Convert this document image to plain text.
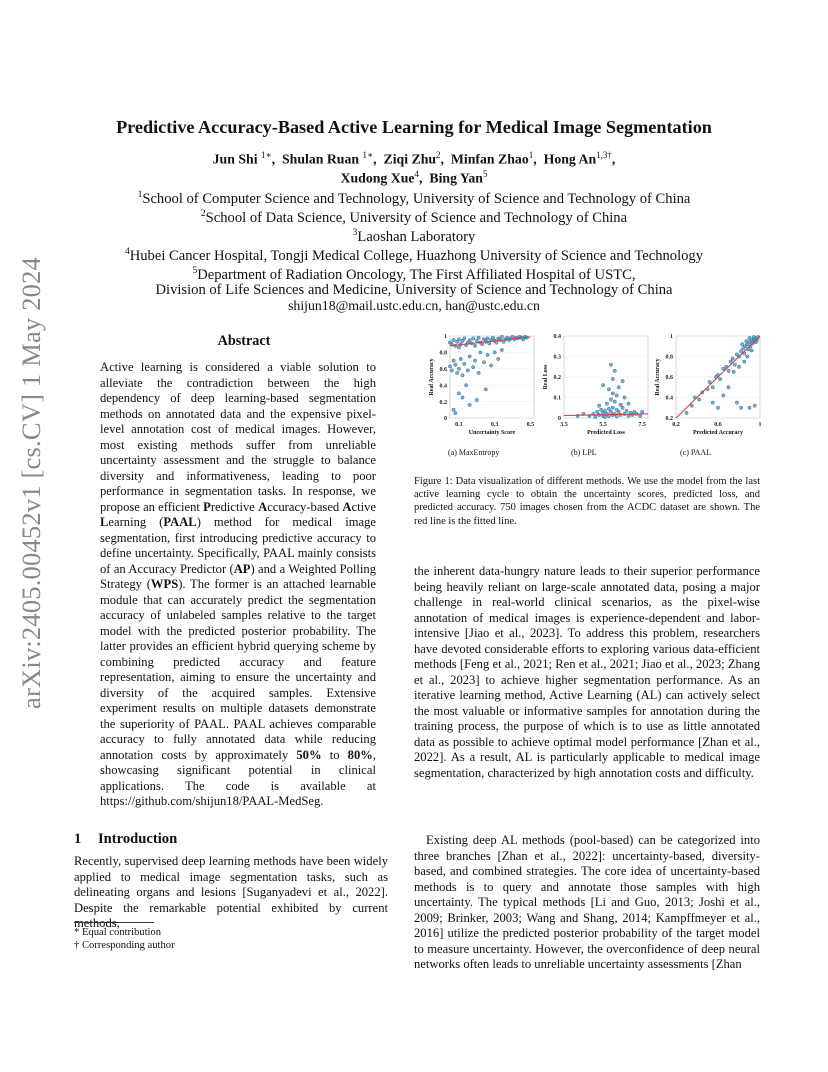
arXiv:2405.00452v1 [cs.CV] 1 May 2024
Predictive Accuracy-Based Active Learning for Medical Image Segmentation
Jun Shi $^{1∗}$,  Shulan Ruan $^{1∗}$,  Ziqi Zhu$^2$,  Minfan Zhao$^1$,  Hong $An^{1,3\dagger}$,
Xudong Xue$^4$,  Bing Yan$^5$
$^1$School of Computer Science and Technology, University of Science and Technology of China
$^2$School of Data Science, University of Science and Technology of China
$^3$Laoshan Laboratory
$^4$Hubei Cancer Hospital, Tongji Medical College, Huazhong University of Science and Technology
$^5$Department of Radiation Oncology, The First Affiliated Hospital of USTC,
Division of Life Sciences and Medicine, University of Science and Technology of China
shijun18@mail.ustc.edu.cn, han@ustc.edu.cn
Abstract

Active learning is considered a viable solution to alleviate the contradiction between the high dependency of deep learning-based segmentation methods on annotated data and the expensive pixel-level annotation cost of medical images. However, most existing methods suffer from unreliable uncertainty assessment and the struggle to balance diversity and informativeness, leading to poor performance in segmentation tasks. In response, we propose an efficient Predictive Accuracy-based Active Learning (PAAL) method for medical image segmentation, first introducing predictive accuracy to define uncertainty. Specifically, PAAL mainly consists of an Accuracy Predictor (AP) and a Weighted Polling Strategy (WPS). The former is an attached learnable module that can accurately predict the segmentation accuracy of unlabeled samples relative to the target model with the predicted posterior probability. The latter provides an efficient hybrid querying scheme by combining predicted accuracy and feature representation, aiming to ensure the uncertainty and diversity of the acquired samples. Extensive experiment results on multiple datasets demonstrate the superiority of PAAL. PAAL achieves comparable accuracy to fully annotated data while reducing annotation costs by approximately 50% to 80%, showcasing significant potential in clinical applications. The code is available at https://github.com/shijun18/PAAL-MedSeg.

1 Introduction

Recently, supervised deep learning methods have been widely applied to medical image segmentation tasks, such as delineating organs and lesions [Suganyadevi et al., 2022]. Despite the remarkable potential exhibited by current methods,

* Equal contribution
† Corresponding author
0
0.2
0.4
0.6
0.8
1
0.1	0.3	0.5
Uncertainty Score
Real Accuracy
0
0.1
0.2
0.3
0.4
3.5	5.5	7.5
Predicted Loss
Real Loss
0.2
0.4
0.6
0.8
1
0.2	0.6	1
Predicted Accuracy
Real Accuracy
(a) MaxEntropy	(b) LPL	(c) PAAL

Figure 1: Data visualization of different methods. We use the model from the last active learning cycle to obtain the uncertainty scores, predicted loss, and predicted accuracy. 750 images chosen from the ACDC dataset are shown. The red line is the fitted line.

the inherent data-hungry nature leads to their superior performance being heavily reliant on large-scale annotated data, posing a major challenge in real-world clinical scenarios, as the pixel-wise annotation of medical images is experience-dependent and labor-intensive [Jiao et al., 2023]. To address this problem, researchers have devoted considerable efforts to exploring various data-efficient methods [Feng et al., 2021; Ren et al., 2021; Jiao et al., 2023; Zhang et al., 2023] to achieve higher segmentation performance. As an iterative learning method, Active Learning (AL) can actively select the most valuable or informative samples for annotation during the training process, the purpose of which is to use as little annotated data as possible to achieve optimal model performance [Zhan et al., 2022]. As a result, AL is particularly applicable to medical image segmentation, characterized by high annotation costs and difficulty.

Existing deep AL methods (pool-based) can be categorized into three branches [Zhan et al., 2022]: uncertainty-based, diversity-based, and combined strategies. The core idea of uncertainty-based methods is to query and annotate those samples with high uncertainty. The typical methods [Li and Guo, 2013; Joshi et al., 2009; Brinker, 2003; Wang and Shang, 2014; Kampffmeyer et al., 2016] utilize the predicted posterior probability of the target model to measure uncertainty. However, the overconfidence of deep neural networks often leads to unreliable uncertainty assessments [Zhan
